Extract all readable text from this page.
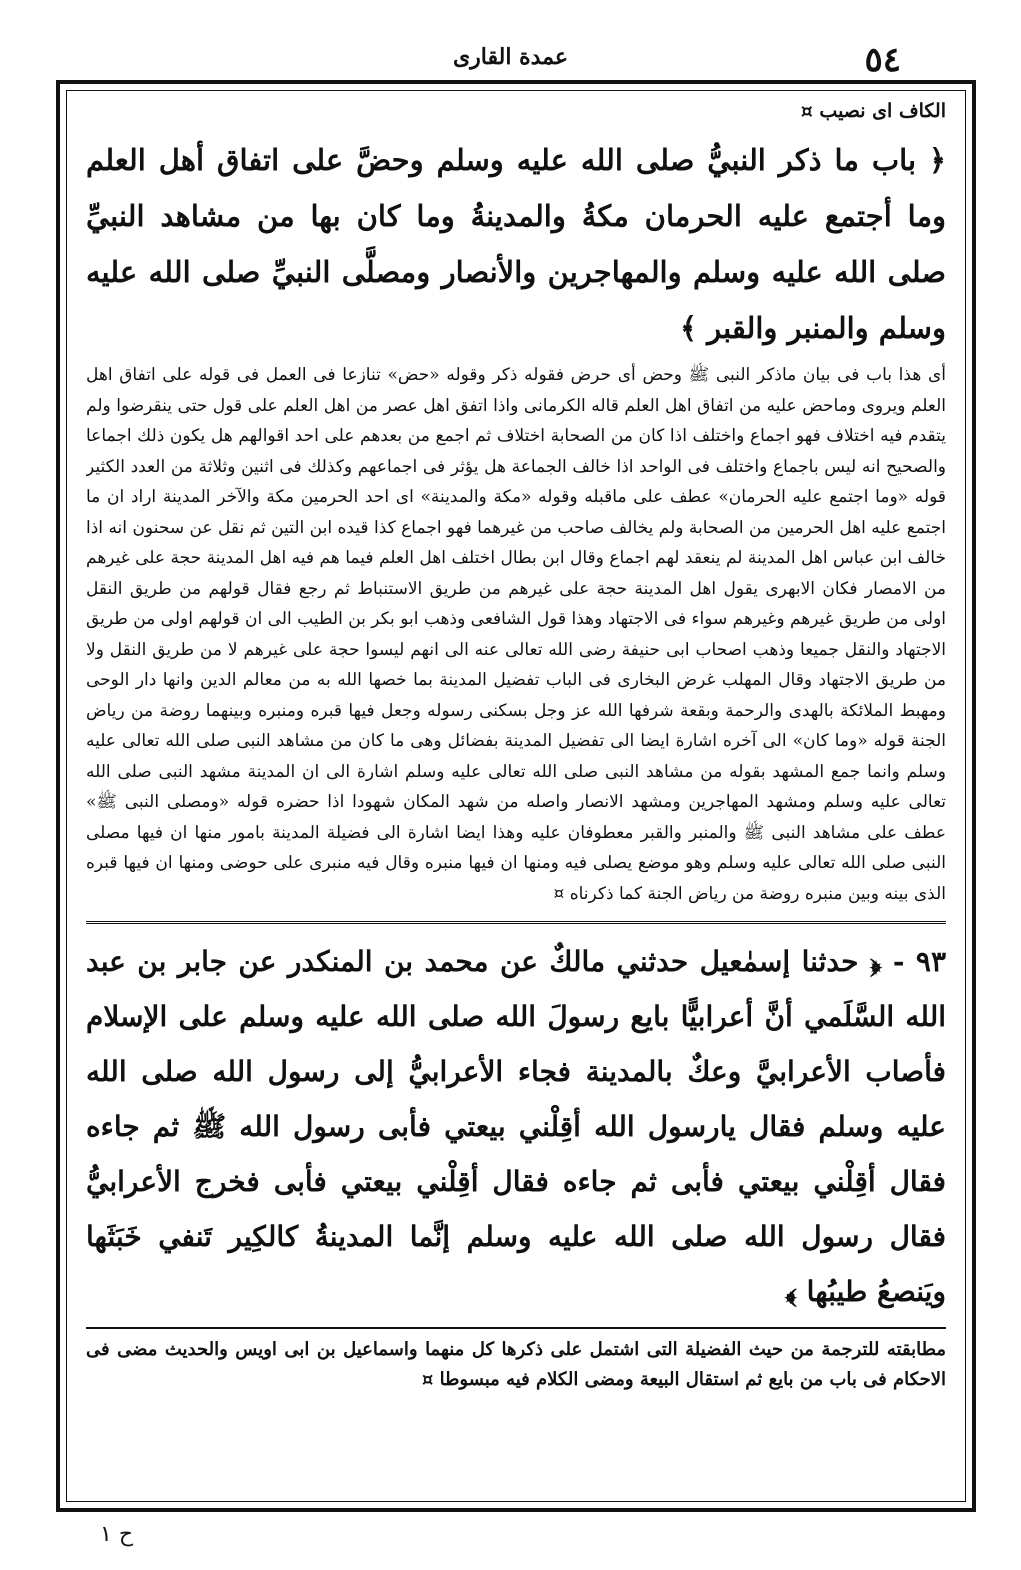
٥٤
عمدة القاری

الكاف اى نصيب ¤

﴿ باب ما ذكر النبيُّ صلى الله عليه وسلم وحضَّ على اتفاق أهل العلم وما أجتمع عليه الحرمان مكةُ والمدينةُ وما كان بها من مشاهد النبيِّ صلى الله عليه وسلم والمهاجرين والأنصار ومصلَّى النبيِّ صلى الله عليه وسلم والمنبر والقبر ﴾

أى هذا باب فى بيان ماذكر النبى ﷺ وحض أى حرض فقوله ذكر وقوله «حض» تنازعا فى العمل فى قوله على اتفاق اهل العلم ويروى وماحض عليه من اتفاق اهل العلم قاله الكرمانى واذا اتفق اهل عصر من اهل العلم على قول حتى ينقرضوا ولم يتقدم فيه اختلاف فهو اجماع واختلف اذا كان من الصحابة اختلاف ثم اجمع من بعدهم على احد اقوالهم هل يكون ذلك اجماعا والصحيح انه ليس باجماع واختلف فى الواحد اذا خالف الجماعة هل يؤثر فى اجماعهم وكذلك فى اثنين وثلاثة من العدد الكثير قوله «وما اجتمع عليه الحرمان» عطف على ماقبله وقوله «مكة والمدينة» اى احد الحرمين مكة والآخر المدينة اراد ان ما اجتمع عليه اهل الحرمين من الصحابة ولم يخالف صاحب من غيرهما فهو اجماع كذا قيده ابن التين ثم نقل عن سحنون انه اذا خالف ابن عباس اهل المدينة لم ينعقد لهم اجماع وقال ابن بطال اختلف اهل العلم فيما هم فيه اهل المدينة حجة على غيرهم من الامصار فكان الابهرى يقول اهل المدينة حجة على غيرهم من طريق الاستنباط ثم رجع فقال قولهم من طريق النقل اولى من طريق غيرهم وغيرهم سواء فى الاجتهاد وهذا قول الشافعى وذهب ابو بكر بن الطيب الى ان قولهم اولى من طريق الاجتهاد والنقل جميعا وذهب اصحاب ابى حنيفة رضى الله تعالى عنه الى انهم ليسوا حجة على غيرهم لا من طريق النقل ولا من طريق الاجتهاد وقال المهلب غرض البخارى فى الباب تفضيل المدينة بما خصها الله به من معالم الدين وانها دار الوحى ومهبط الملائكة بالهدى والرحمة وبقعة شرفها الله عز وجل بسكنى رسوله وجعل فيها قبره ومنبره وبينهما روضة من رياض الجنة قوله «وما كان» الى آخره اشارة ايضا الى تفضيل المدينة بفضائل وهى ما كان من مشاهد النبى صلى الله تعالى عليه وسلم وانما جمع المشهد بقوله من مشاهد النبى صلى الله تعالى عليه وسلم اشارة الى ان المدينة مشهد النبى صلى الله تعالى عليه وسلم ومشهد المهاجرين ومشهد الانصار واصله من شهد المكان شهودا اذا حضره قوله «ومصلى النبى ﷺ» عطف على مشاهد النبى ﷺ والمنبر والقبر معطوفان عليه وهذا ايضا اشارة الى فضيلة المدينة بامور منها ان فيها مصلى النبى صلى الله تعالى عليه وسلم وهو موضع يصلى فيه ومنها ان فيها منبره وقال فيه منبرى على حوضى ومنها ان فيها قبره الذى بينه وبين منبره روضة من رياض الجنة كما ذكرناه ¤

٩٣ - ﴿ حدثنا إسمٰعيل حدثني مالكٌ عن محمد بن المنكدر عن جابر بن عبد الله السَّلَمي أنَّ أعرابيًّا بايع رسولَ الله صلى الله عليه وسلم على الإسلام فأصاب الأعرابيَّ وعكٌ بالمدينة فجاء الأعرابيُّ إلى رسول الله صلى الله عليه وسلم فقال يارسول الله أقِلْني بيعتي فأبى رسول الله ﷺ ثم جاءه فقال أقِلْني بيعتي فأبى ثم جاءه فقال أقِلْني بيعتي فأبى فخرج الأعرابيُّ فقال رسول الله صلى الله عليه وسلم إنَّما المدينةُ كالكِير تَنفي خَبَثَها ويَنصعُ طيبُها ﴾

مطابقته للترجمة من حيث الفضيلة التى اشتمل على ذكرها كل منهما واسماعيل بن ابى اويس والحديث مضى فى الاحكام فى باب من بايع ثم استقال البيعة ومضى الكلام فيه مبسوطا ¤

ح ١
